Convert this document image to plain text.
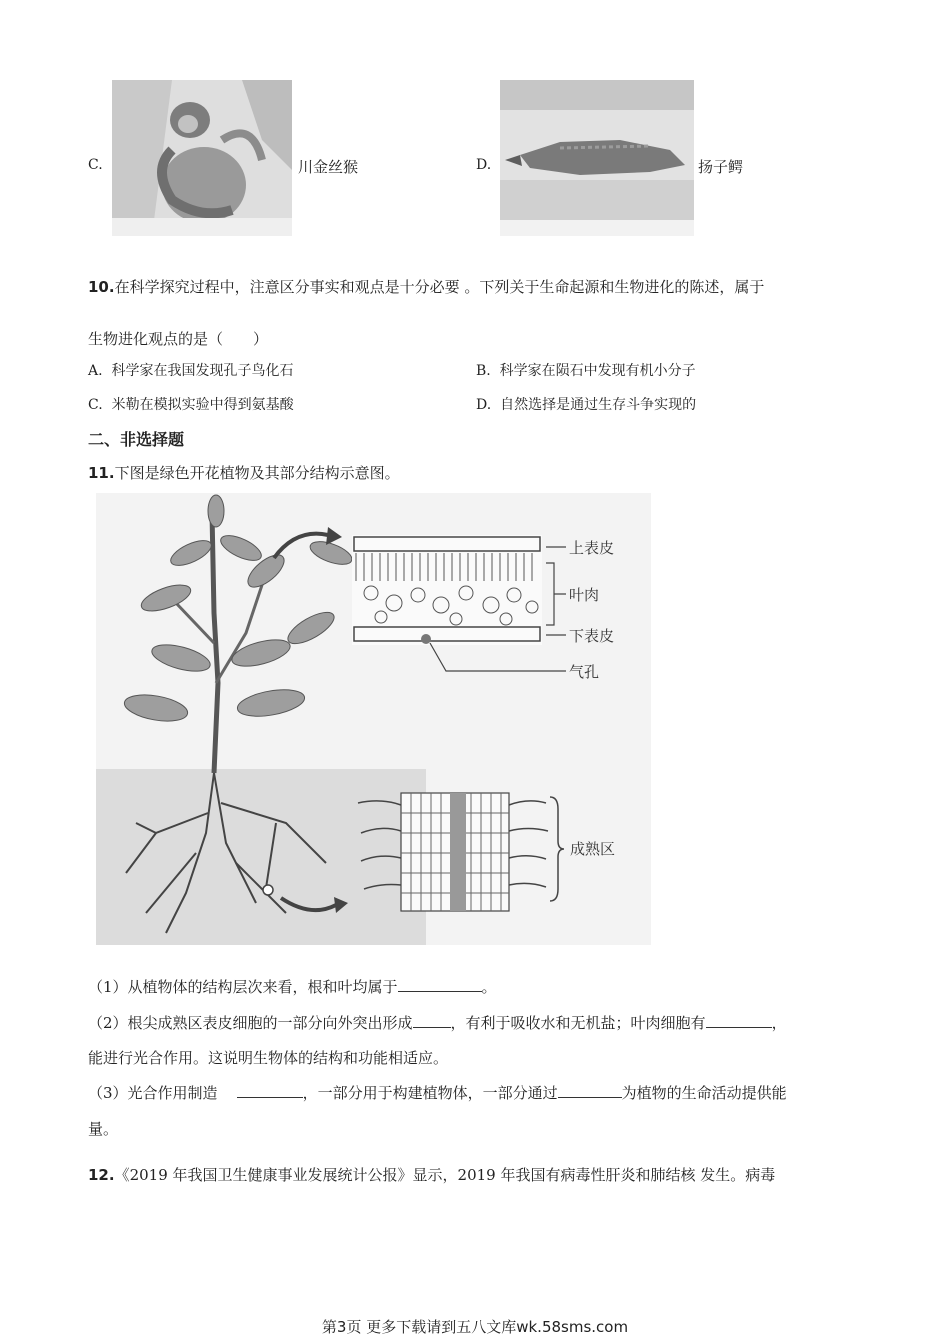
C.	川金丝猴	D.	扬子鳄
10.在科学探究过程中，注意区分事实和观点是十分必要 。下列关于生命起源和生物进化的陈述，属于
生物进化观点的是（　　）
A. 科学家在我国发现孔子鸟化石	B. 科学家在陨石中发现有机小分子
C. 米勒在模拟实验中得到氨基酸	D. 自然选择是通过生存斗争实现的
二、非选择题
11.下图是绿色开花植物及其部分结构示意图。
上表皮
叶肉
下表皮
气孔
成熟区
（1）从植物体的结构层次来看，根和叶均属于	。
（2）根尖成熟区表皮细胞的一部分向外突出形成	，有利于吸收水和无机盐；叶肉细胞有	，
能进行光合作用。这说明生物体的结构和功能相适应。
（3）光合作用制造	，一部分用于构建植物体，一部分通过	为植物的生命活动提供能
量。
12.《2019 年我国卫生健康事业发展统计公报》显示，2019 年我国有病毒性肝炎和肺结核 发生。病毒
第3页 更多下载请到五八文库wk.58sms.com
